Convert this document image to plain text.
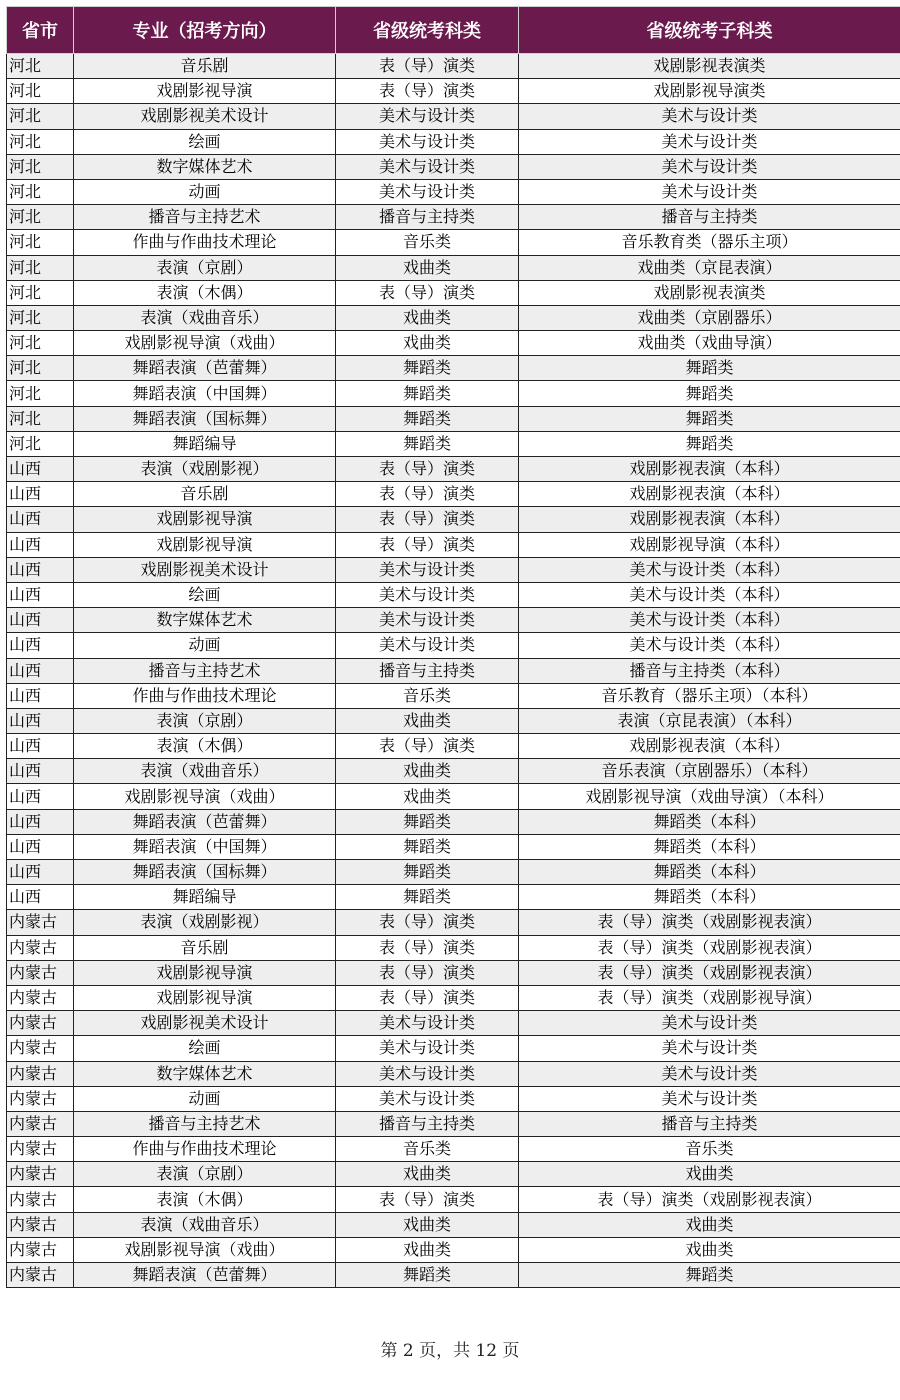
省市	专业（招考方向）	省级统考科类	省级统考子科类
河北	音乐剧	表（导）演类	戏剧影视表演类
河北	戏剧影视导演	表（导）演类	戏剧影视导演类
河北	戏剧影视美术设计	美术与设计类	美术与设计类
河北	绘画	美术与设计类	美术与设计类
河北	数字媒体艺术	美术与设计类	美术与设计类
河北	动画	美术与设计类	美术与设计类
河北	播音与主持艺术	播音与主持类	播音与主持类
河北	作曲与作曲技术理论	音乐类	音乐教育类（器乐主项）
河北	表演（京剧）	戏曲类	戏曲类（京昆表演）
河北	表演（木偶）	表（导）演类	戏剧影视表演类
河北	表演（戏曲音乐）	戏曲类	戏曲类（京剧器乐）
河北	戏剧影视导演（戏曲）	戏曲类	戏曲类（戏曲导演）
河北	舞蹈表演（芭蕾舞）	舞蹈类	舞蹈类
河北	舞蹈表演（中国舞）	舞蹈类	舞蹈类
河北	舞蹈表演（国标舞）	舞蹈类	舞蹈类
河北	舞蹈编导	舞蹈类	舞蹈类
山西	表演（戏剧影视）	表（导）演类	戏剧影视表演（本科）
山西	音乐剧	表（导）演类	戏剧影视表演（本科）
山西	戏剧影视导演	表（导）演类	戏剧影视表演（本科）
山西	戏剧影视导演	表（导）演类	戏剧影视导演（本科）
山西	戏剧影视美术设计	美术与设计类	美术与设计类（本科）
山西	绘画	美术与设计类	美术与设计类（本科）
山西	数字媒体艺术	美术与设计类	美术与设计类（本科）
山西	动画	美术与设计类	美术与设计类（本科）
山西	播音与主持艺术	播音与主持类	播音与主持类（本科）
山西	作曲与作曲技术理论	音乐类	音乐教育（器乐主项）（本科）
山西	表演（京剧）	戏曲类	表演（京昆表演）（本科）
山西	表演（木偶）	表（导）演类	戏剧影视表演（本科）
山西	表演（戏曲音乐）	戏曲类	音乐表演（京剧器乐）（本科）
山西	戏剧影视导演（戏曲）	戏曲类	戏剧影视导演（戏曲导演）（本科）
山西	舞蹈表演（芭蕾舞）	舞蹈类	舞蹈类（本科）
山西	舞蹈表演（中国舞）	舞蹈类	舞蹈类（本科）
山西	舞蹈表演（国标舞）	舞蹈类	舞蹈类（本科）
山西	舞蹈编导	舞蹈类	舞蹈类（本科）
内蒙古	表演（戏剧影视）	表（导）演类	表（导）演类（戏剧影视表演）
内蒙古	音乐剧	表（导）演类	表（导）演类（戏剧影视表演）
内蒙古	戏剧影视导演	表（导）演类	表（导）演类（戏剧影视表演）
内蒙古	戏剧影视导演	表（导）演类	表（导）演类（戏剧影视导演）
内蒙古	戏剧影视美术设计	美术与设计类	美术与设计类
内蒙古	绘画	美术与设计类	美术与设计类
内蒙古	数字媒体艺术	美术与设计类	美术与设计类
内蒙古	动画	美术与设计类	美术与设计类
内蒙古	播音与主持艺术	播音与主持类	播音与主持类
内蒙古	作曲与作曲技术理论	音乐类	音乐类
内蒙古	表演（京剧）	戏曲类	戏曲类
内蒙古	表演（木偶）	表（导）演类	表（导）演类（戏剧影视表演）
内蒙古	表演（戏曲音乐）	戏曲类	戏曲类
内蒙古	戏剧影视导演（戏曲）	戏曲类	戏曲类
内蒙古	舞蹈表演（芭蕾舞）	舞蹈类	舞蹈类
第 2 页，共 12 页
